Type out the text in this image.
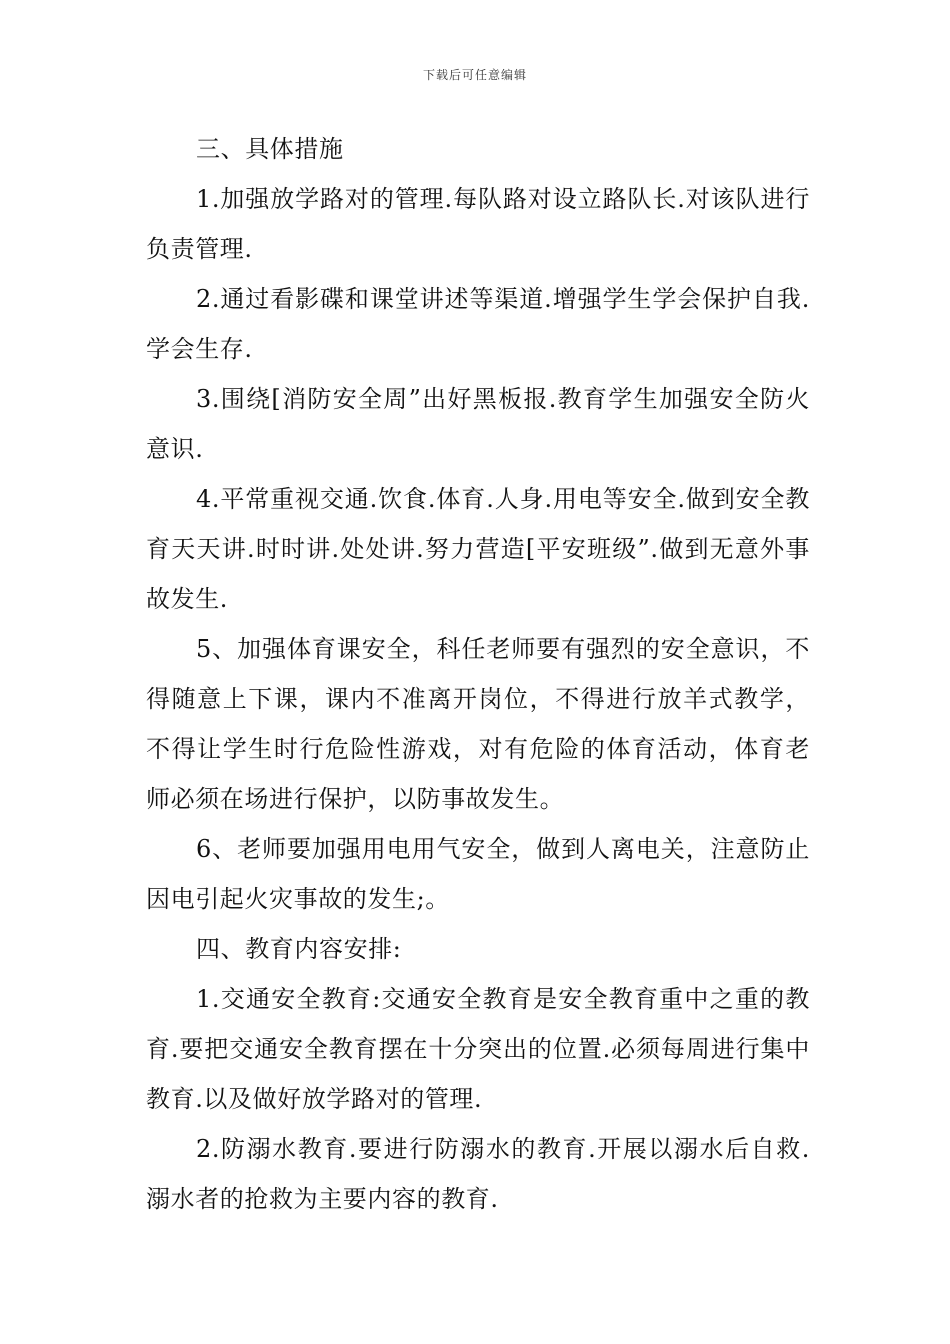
下载后可任意编辑

三、具体措施

1.加强放学路对的管理.每队路对设立路队长.对该队进行负责管理.

2.通过看影碟和课堂讲述等渠道.增强学生学会保护自我.学会生存.

3.围绕[消防安全周”出好黑板报.教育学生加强安全防火意识.

4.平常重视交通.饮食.体育.人身.用电等安全.做到安全教育天天讲.时时讲.处处讲.努力营造[平安班级”.做到无意外事故发生.

5、加强体育课安全，科任老师要有强烈的安全意识，不得随意上下课，课内不准离开岗位，不得进行放羊式教学，不得让学生时行危险性游戏，对有危险的体育活动，体育老师必须在场进行保护，以防事故发生。

6、老师要加强用电用气安全，做到人离电关，注意防止因电引起火灾事故的发生;。

四、教育内容安排:

1.交通安全教育:交通安全教育是安全教育重中之重的教育.要把交通安全教育摆在十分突出的位置.必须每周进行集中教育.以及做好放学路对的管理.

2.防溺水教育.要进行防溺水的教育.开展以溺水后自救.溺水者的抢救为主要内容的教育.
